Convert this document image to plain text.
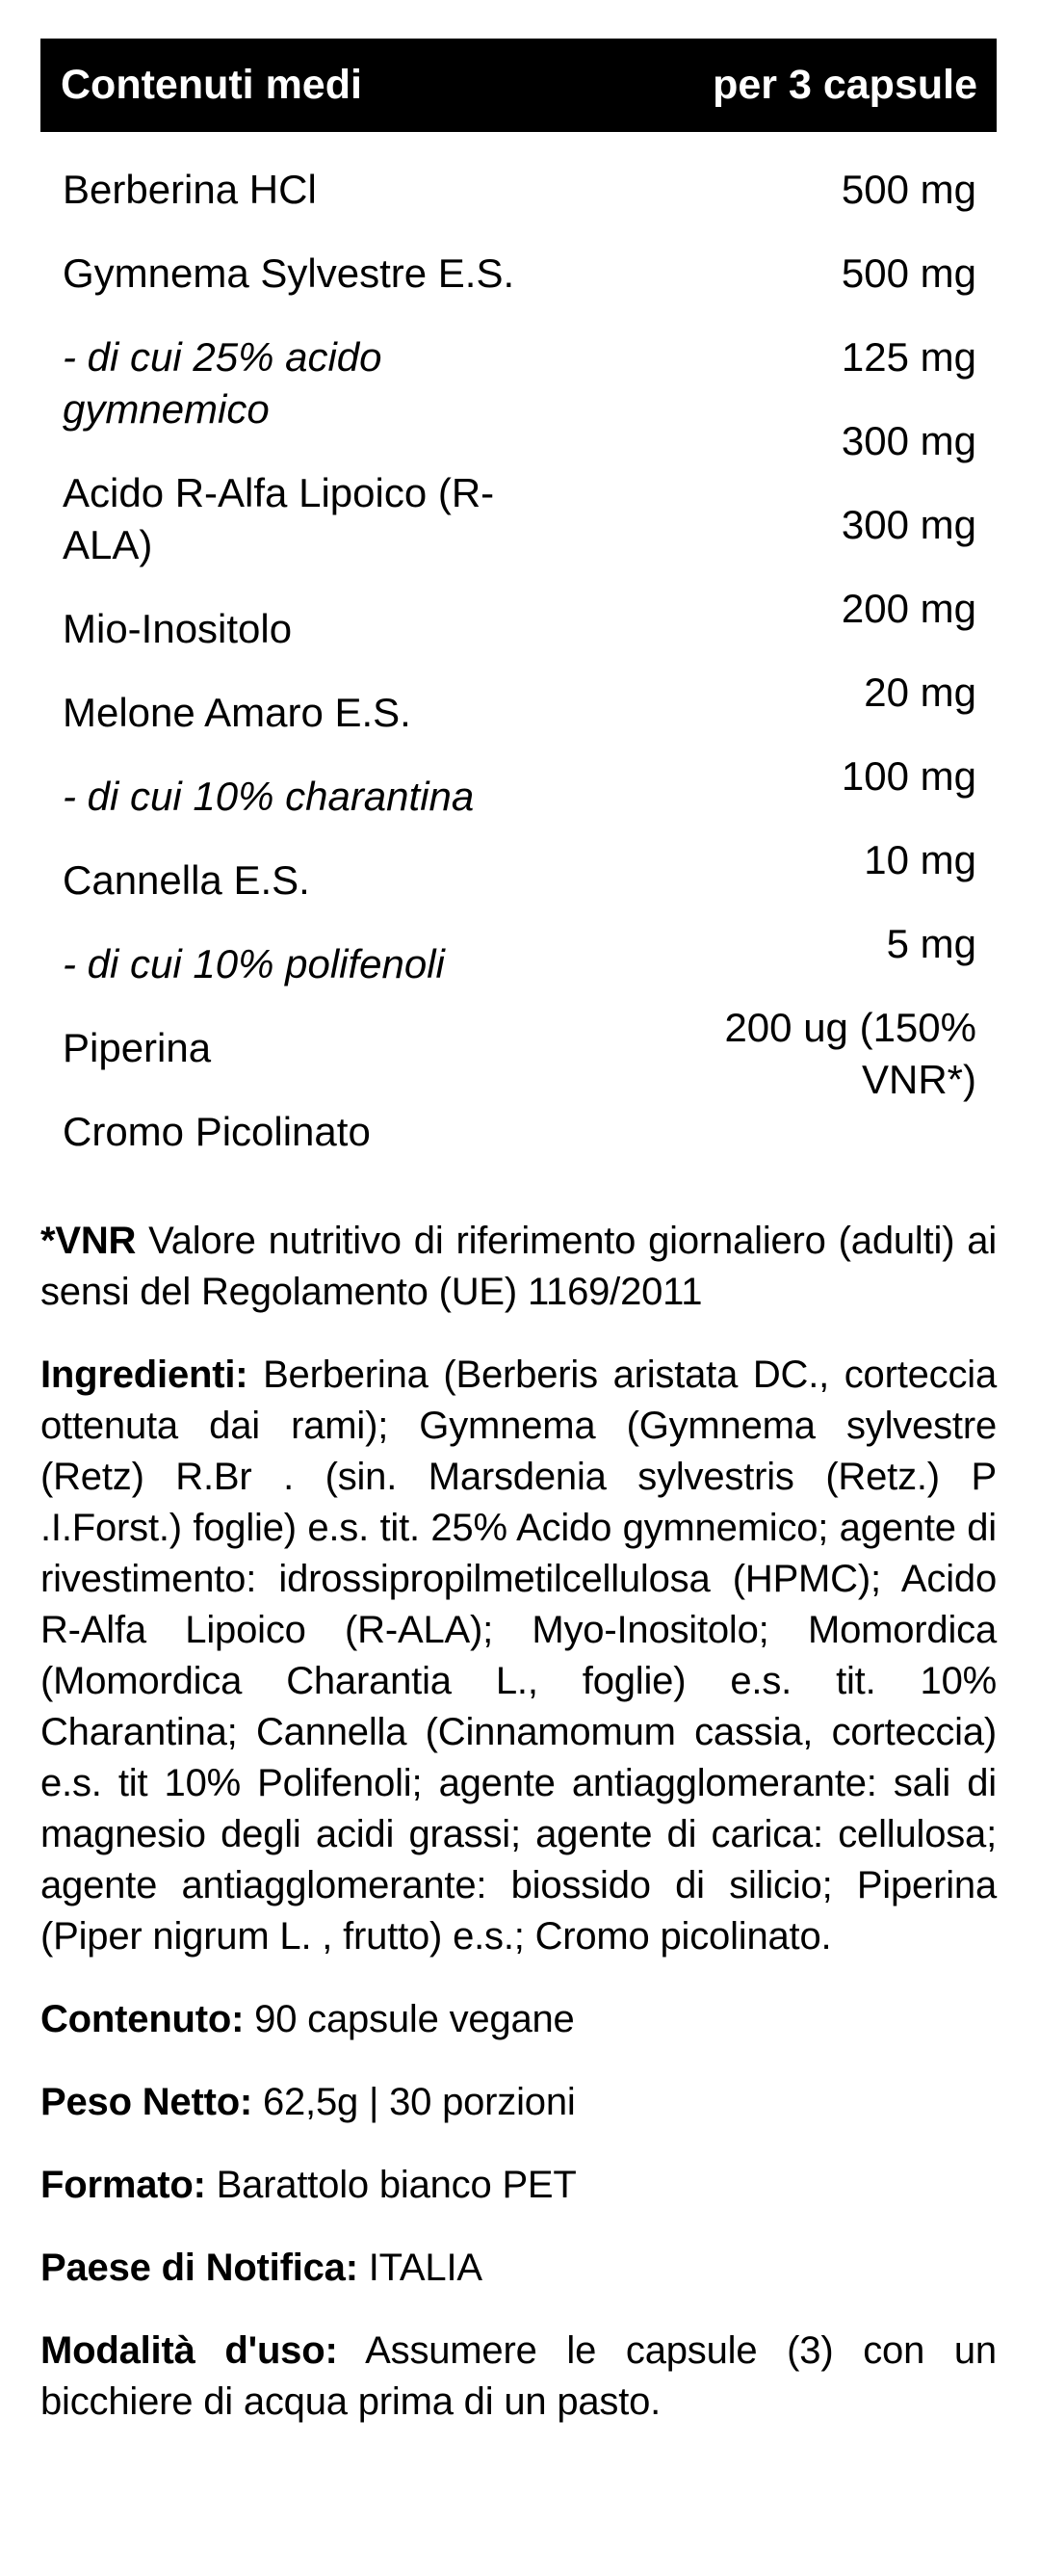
Contenuti medi	per 3 capsule

Berberina HCl

Gymnema Sylvestre E.S.

- di cui 25% acido gymnemico

Acido R-Alfa Lipoico (R-ALA)

Mio-Inositolo

Melone Amaro E.S.

- di cui 10% charantina

Cannella E.S.

- di cui 10% polifenoli

Piperina

Cromo Picolinato

500 mg

500 mg

125 mg

300 mg

300 mg

200 mg

20 mg

100 mg

10 mg

5 mg

200 ug (150% VNR*)

*VNR Valore nutritivo di riferimento giornaliero (adulti) ai sensi del Regolamento (UE) 1169/2011

Ingredienti: Berberina (Berberis aristata DC., corteccia ottenuta dai rami); Gymnema (Gymnema sylvestre (Retz) R.Br . (sin. Marsdenia sylvestris (Retz.) P .I.Forst.) foglie) e.s. tit. 25% Acido gymnemico; agente di rivestimento: idrossipropilmetilcellulosa (HPMC); Acido R-Alfa Lipoico (R-ALA); Myo-Inositolo; Momordica (Momordica Charantia L., foglie) e.s. tit. 10% Charantina; Cannella (Cinnamomum cassia, corteccia) e.s. tit 10% Polifenoli; agente antiagglomerante: sali di magnesio degli acidi grassi; agente di carica: cellulosa; agente antiagglomerante: biossido di silicio; Piperina (Piper nigrum L. , frutto) e.s.; Cromo picolinato.

Contenuto: 90 capsule vegane

Peso Netto: 62,5g | 30 porzioni

Formato: Barattolo bianco PET

Paese di Notifica: ITALIA

Modalità d'uso: Assumere le capsule (3) con un bicchiere di acqua prima di un pasto.
